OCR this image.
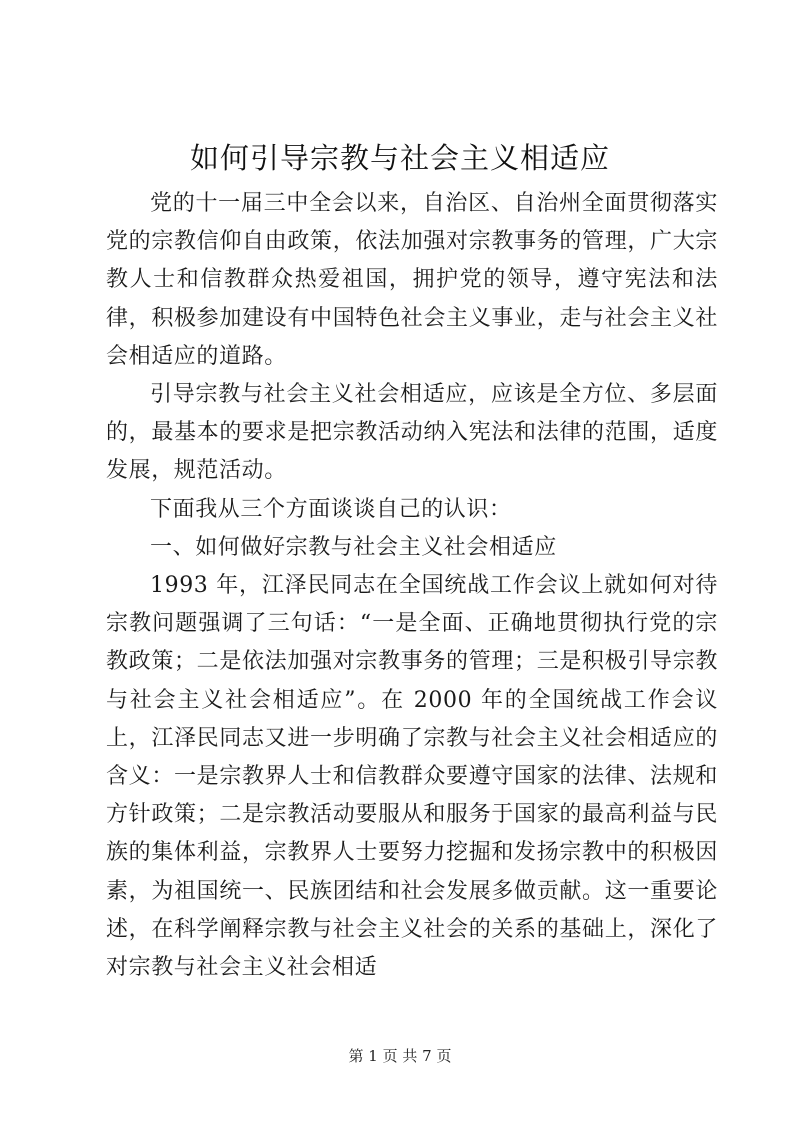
如何引导宗教与社会主义相适应

党的十一届三中全会以来，自治区、自治州全面贯彻落实党的宗教信仰自由政策，依法加强对宗教事务的管理，广大宗教人士和信教群众热爱祖国，拥护党的领导，遵守宪法和法律，积极参加建设有中国特色社会主义事业，走与社会主义社会相适应的道路。

引导宗教与社会主义社会相适应，应该是全方位、多层面的，最基本的要求是把宗教活动纳入宪法和法律的范围，适度发展，规范活动。

下面我从三个方面谈谈自己的认识：

一、如何做好宗教与社会主义社会相适应

1993 年，江泽民同志在全国统战工作会议上就如何对待宗教问题强调了三句话：“一是全面、正确地贯彻执行党的宗教政策；二是依法加强对宗教事务的管理；三是积极引导宗教与社会主义社会相适应”。在 2000 年的全国统战工作会议上，江泽民同志又进一步明确了宗教与社会主义社会相适应的含义：一是宗教界人士和信教群众要遵守国家的法律、法规和方针政策；二是宗教活动要服从和服务于国家的最高利益与民族的集体利益，宗教界人士要努力挖掘和发扬宗教中的积极因素，为祖国统一、民族团结和社会发展多做贡献。这一重要论述，在科学阐释宗教与社会主义社会的关系的基础上，深化了对宗教与社会主义社会相适

第 1 页 共 7 页
